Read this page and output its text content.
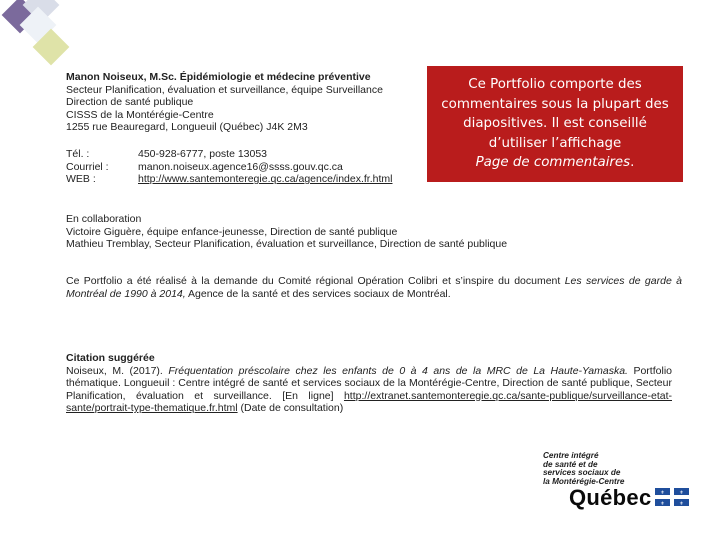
Manon Noiseux, M.Sc. Épidémiologie et médecine préventive
Secteur Planification, évaluation et surveillance, équipe Surveillance
Direction de santé publique
CISSS de la Montérégie-Centre
1255 rue Beauregard, Longueuil (Québec) J4K 2M3
Tél. :	450-928-6777, poste 13053
Courriel :	manon.noiseux.agence16@ssss.gouv.qc.ca
WEB :	http://www.santemonteregie.qc.ca/agence/index.fr.html
Ce Portfolio comporte des
commentaires sous la plupart des
diapositives. Il est conseillé
d’utiliser l’affichage
Page de commentaires.
En collaboration
Victoire Giguère, équipe enfance-jeunesse, Direction de santé publique
Mathieu Tremblay, Secteur Planification, évaluation et surveillance, Direction de santé publique
Ce Portfolio a été réalisé à la demande du Comité régional Opération Colibri et s’inspire du document Les services de garde à Montréal de 1990 à 2014, Agence de la santé et des services sociaux de Montréal.
Citation suggérée
Noiseux, M. (2017). Fréquentation préscolaire chez les enfants de 0 à 4 ans de la MRC de La Haute-Yamaska. Portfolio thématique. Longueuil : Centre intégré de santé et services sociaux de la Montérégie-Centre, Direction de santé publique, Secteur Planification, évaluation et surveillance. [En ligne] http://extranet.santemonteregie.qc.ca/sante-publique/surveillance-etat-sante/portrait-type-thematique.fr.html (Date de consultation)
Centre intégré
de santé et de
services sociaux de
la Montérégie-Centre
Québec ⚜	⚜
⚜	⚜
